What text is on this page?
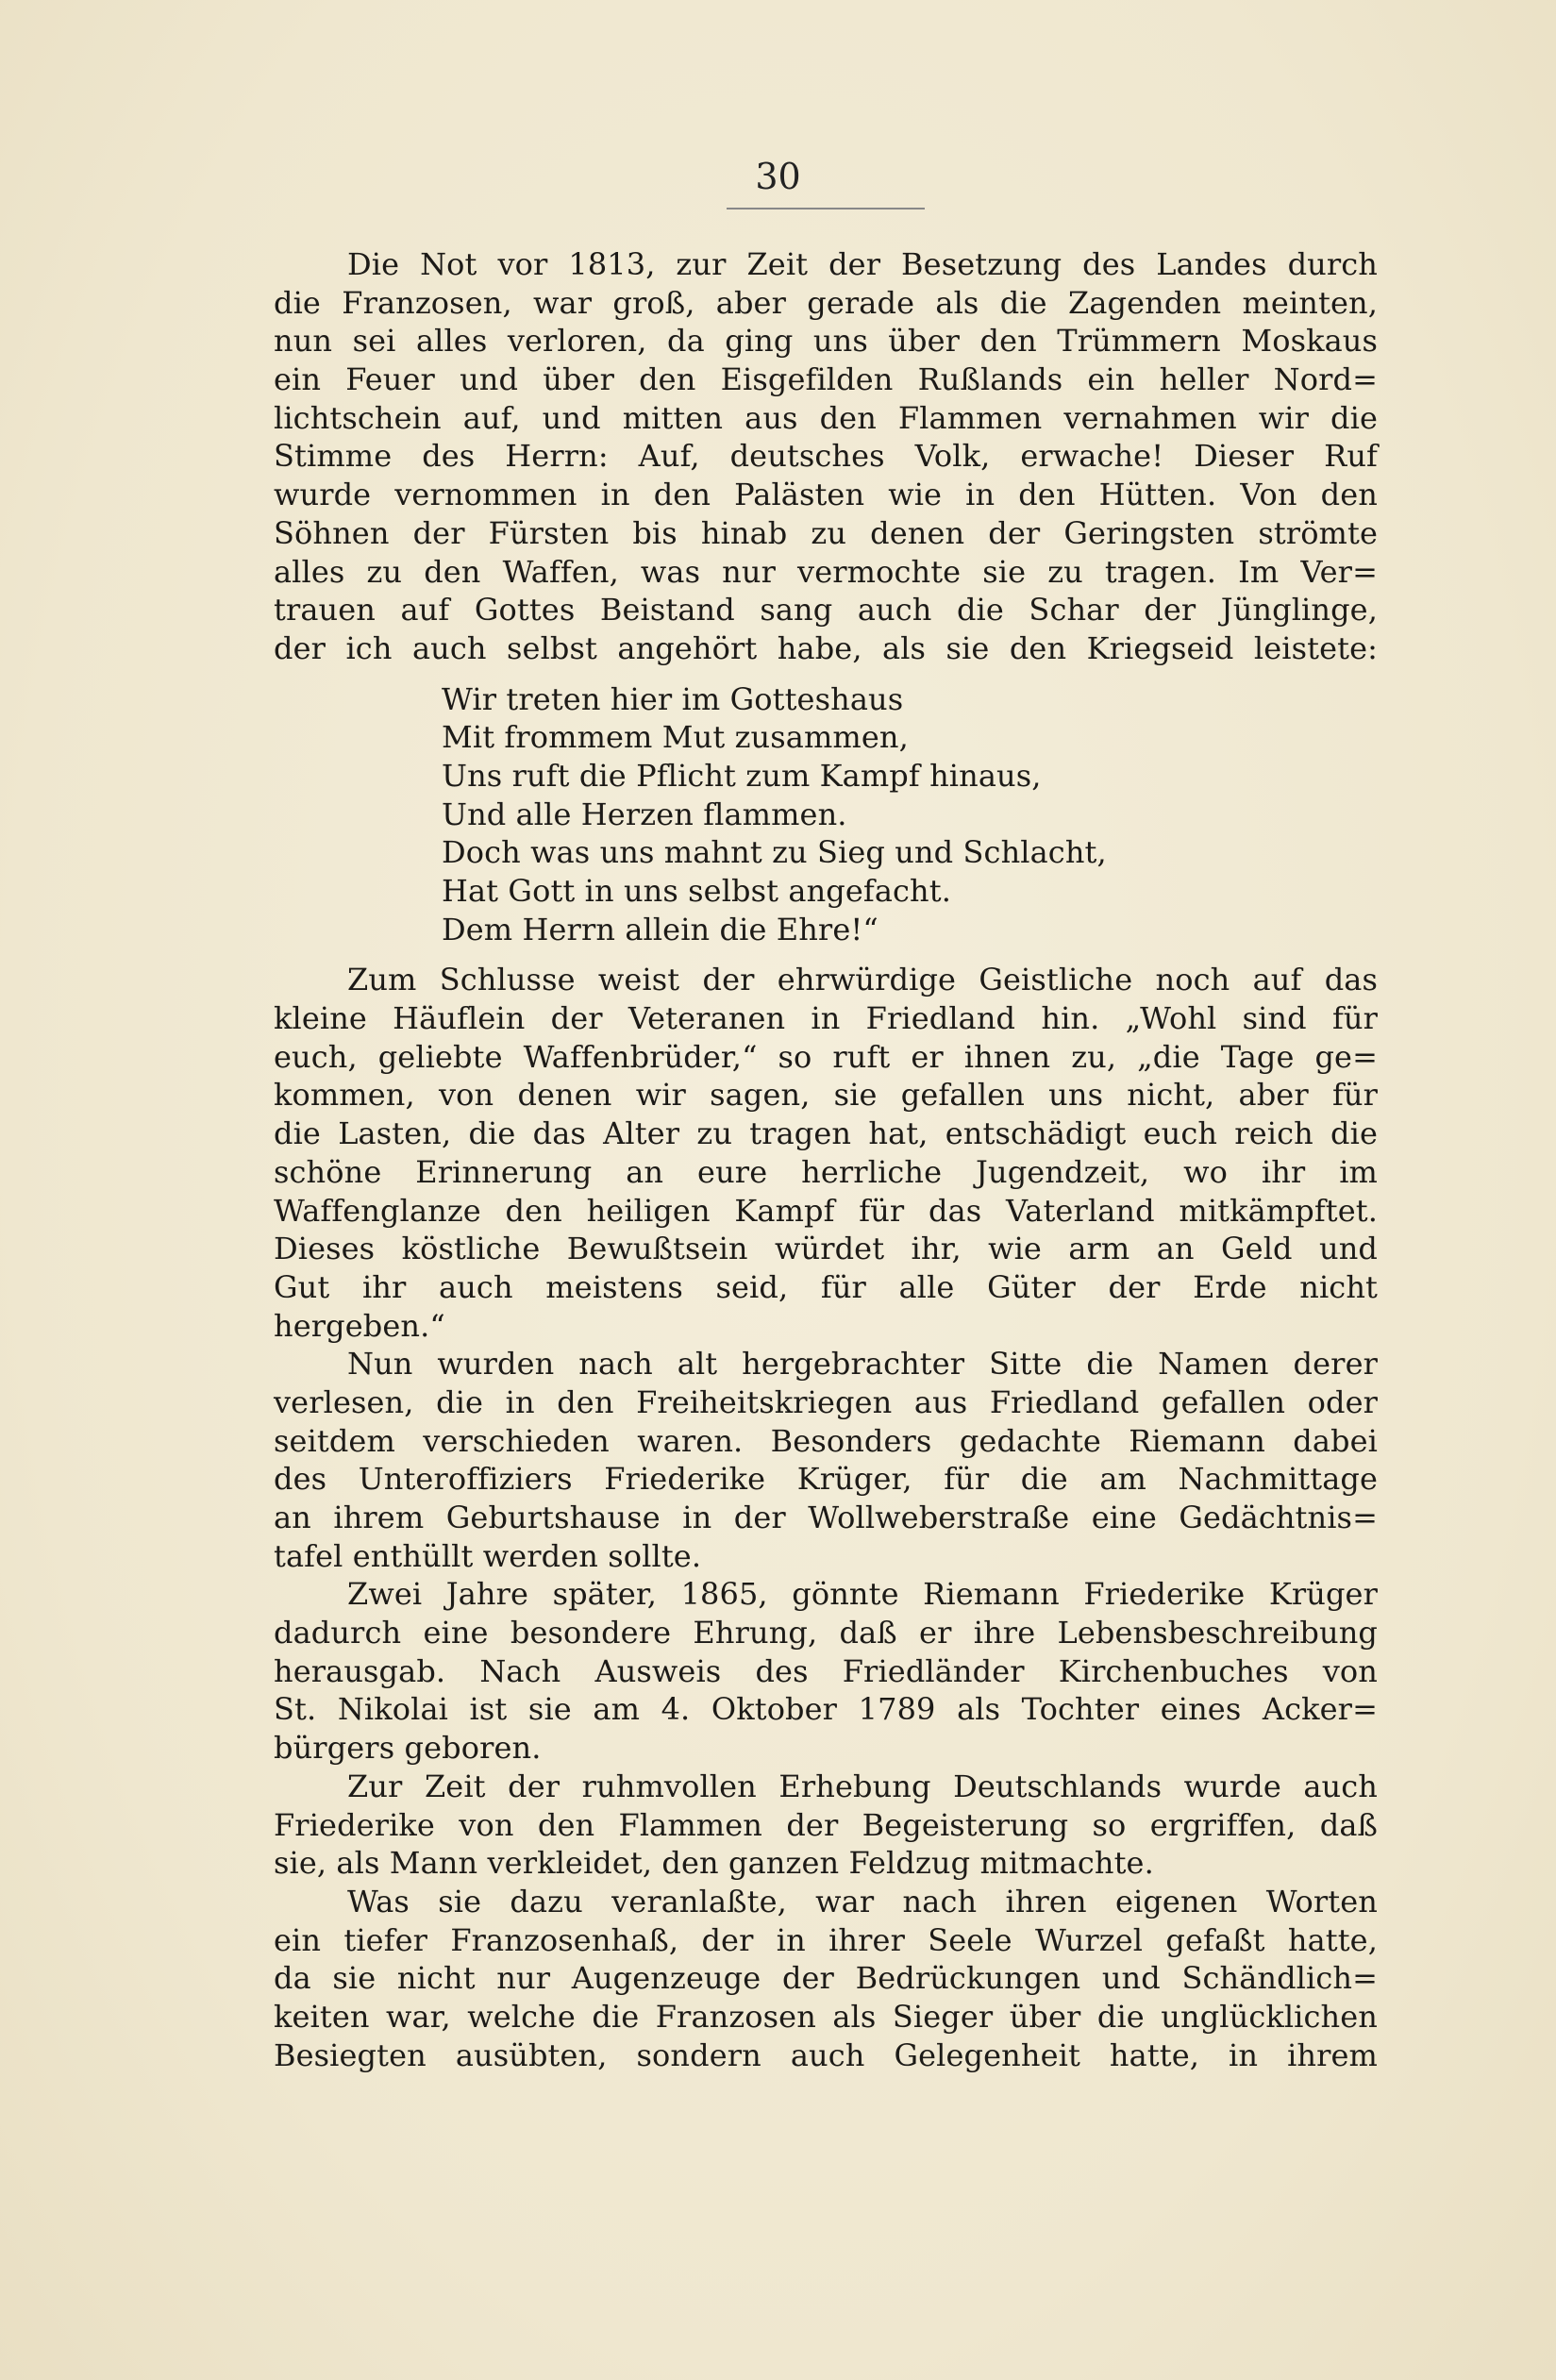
30
Die Not vor 1813, zur Zeit der Besetzung des Landes durch
die Franzosen, war groß, aber gerade als die Zagenden meinten,
nun sei alles verloren, da ging uns über den Trümmern Moskaus
ein Feuer und über den Eisgefilden Rußlands ein heller Nord=
lichtschein auf, und mitten aus den Flammen vernahmen wir die
Stimme des Herrn: Auf, deutsches Volk, erwache! Dieser Ruf
wurde vernommen in den Palästen wie in den Hütten. Von den
Söhnen der Fürsten bis hinab zu denen der Geringsten strömte
alles zu den Waffen, was nur vermochte sie zu tragen. Im Ver=
trauen auf Gottes Beistand sang auch die Schar der Jünglinge,
der ich auch selbst angehört habe, als sie den Kriegseid leistete:
Wir treten hier im Gotteshaus
Mit frommem Mut zusammen,
Uns ruft die Pflicht zum Kampf hinaus,
Und alle Herzen flammen.
Doch was uns mahnt zu Sieg und Schlacht,
Hat Gott in uns selbst angefacht.
Dem Herrn allein die Ehre!“
Zum Schlusse weist der ehrwürdige Geistliche noch auf das
kleine Häuflein der Veteranen in Friedland hin. „Wohl sind für
euch, geliebte Waffenbrüder,“ so ruft er ihnen zu, „die Tage ge=
kommen, von denen wir sagen, sie gefallen uns nicht, aber für
die Lasten, die das Alter zu tragen hat, entschädigt euch reich die
schöne Erinnerung an eure herrliche Jugendzeit, wo ihr im
Waffenglanze den heiligen Kampf für das Vaterland mitkämpftet.
Dieses köstliche Bewußtsein würdet ihr, wie arm an Geld und
Gut ihr auch meistens seid, für alle Güter der Erde nicht
hergeben.“
Nun wurden nach alt hergebrachter Sitte die Namen derer
verlesen, die in den Freiheitskriegen aus Friedland gefallen oder
seitdem verschieden waren. Besonders gedachte Riemann dabei
des Unteroffiziers Friederike Krüger, für die am Nachmittage
an ihrem Geburtshause in der Wollweberstraße eine Gedächtnis=
tafel enthüllt werden sollte.
Zwei Jahre später, 1865, gönnte Riemann Friederike Krüger
dadurch eine besondere Ehrung, daß er ihre Lebensbeschreibung
herausgab. Nach Ausweis des Friedländer Kirchenbuches von
St. Nikolai ist sie am 4. Oktober 1789 als Tochter eines Acker=
bürgers geboren.
Zur Zeit der ruhmvollen Erhebung Deutschlands wurde auch
Friederike von den Flammen der Begeisterung so ergriffen, daß
sie, als Mann verkleidet, den ganzen Feldzug mitmachte.
Was sie dazu veranlaßte, war nach ihren eigenen Worten
ein tiefer Franzosenhaß, der in ihrer Seele Wurzel gefaßt hatte,
da sie nicht nur Augenzeuge der Bedrückungen und Schändlich=
keiten war, welche die Franzosen als Sieger über die unglücklichen
Besiegten ausübten, sondern auch Gelegenheit hatte, in ihrem
